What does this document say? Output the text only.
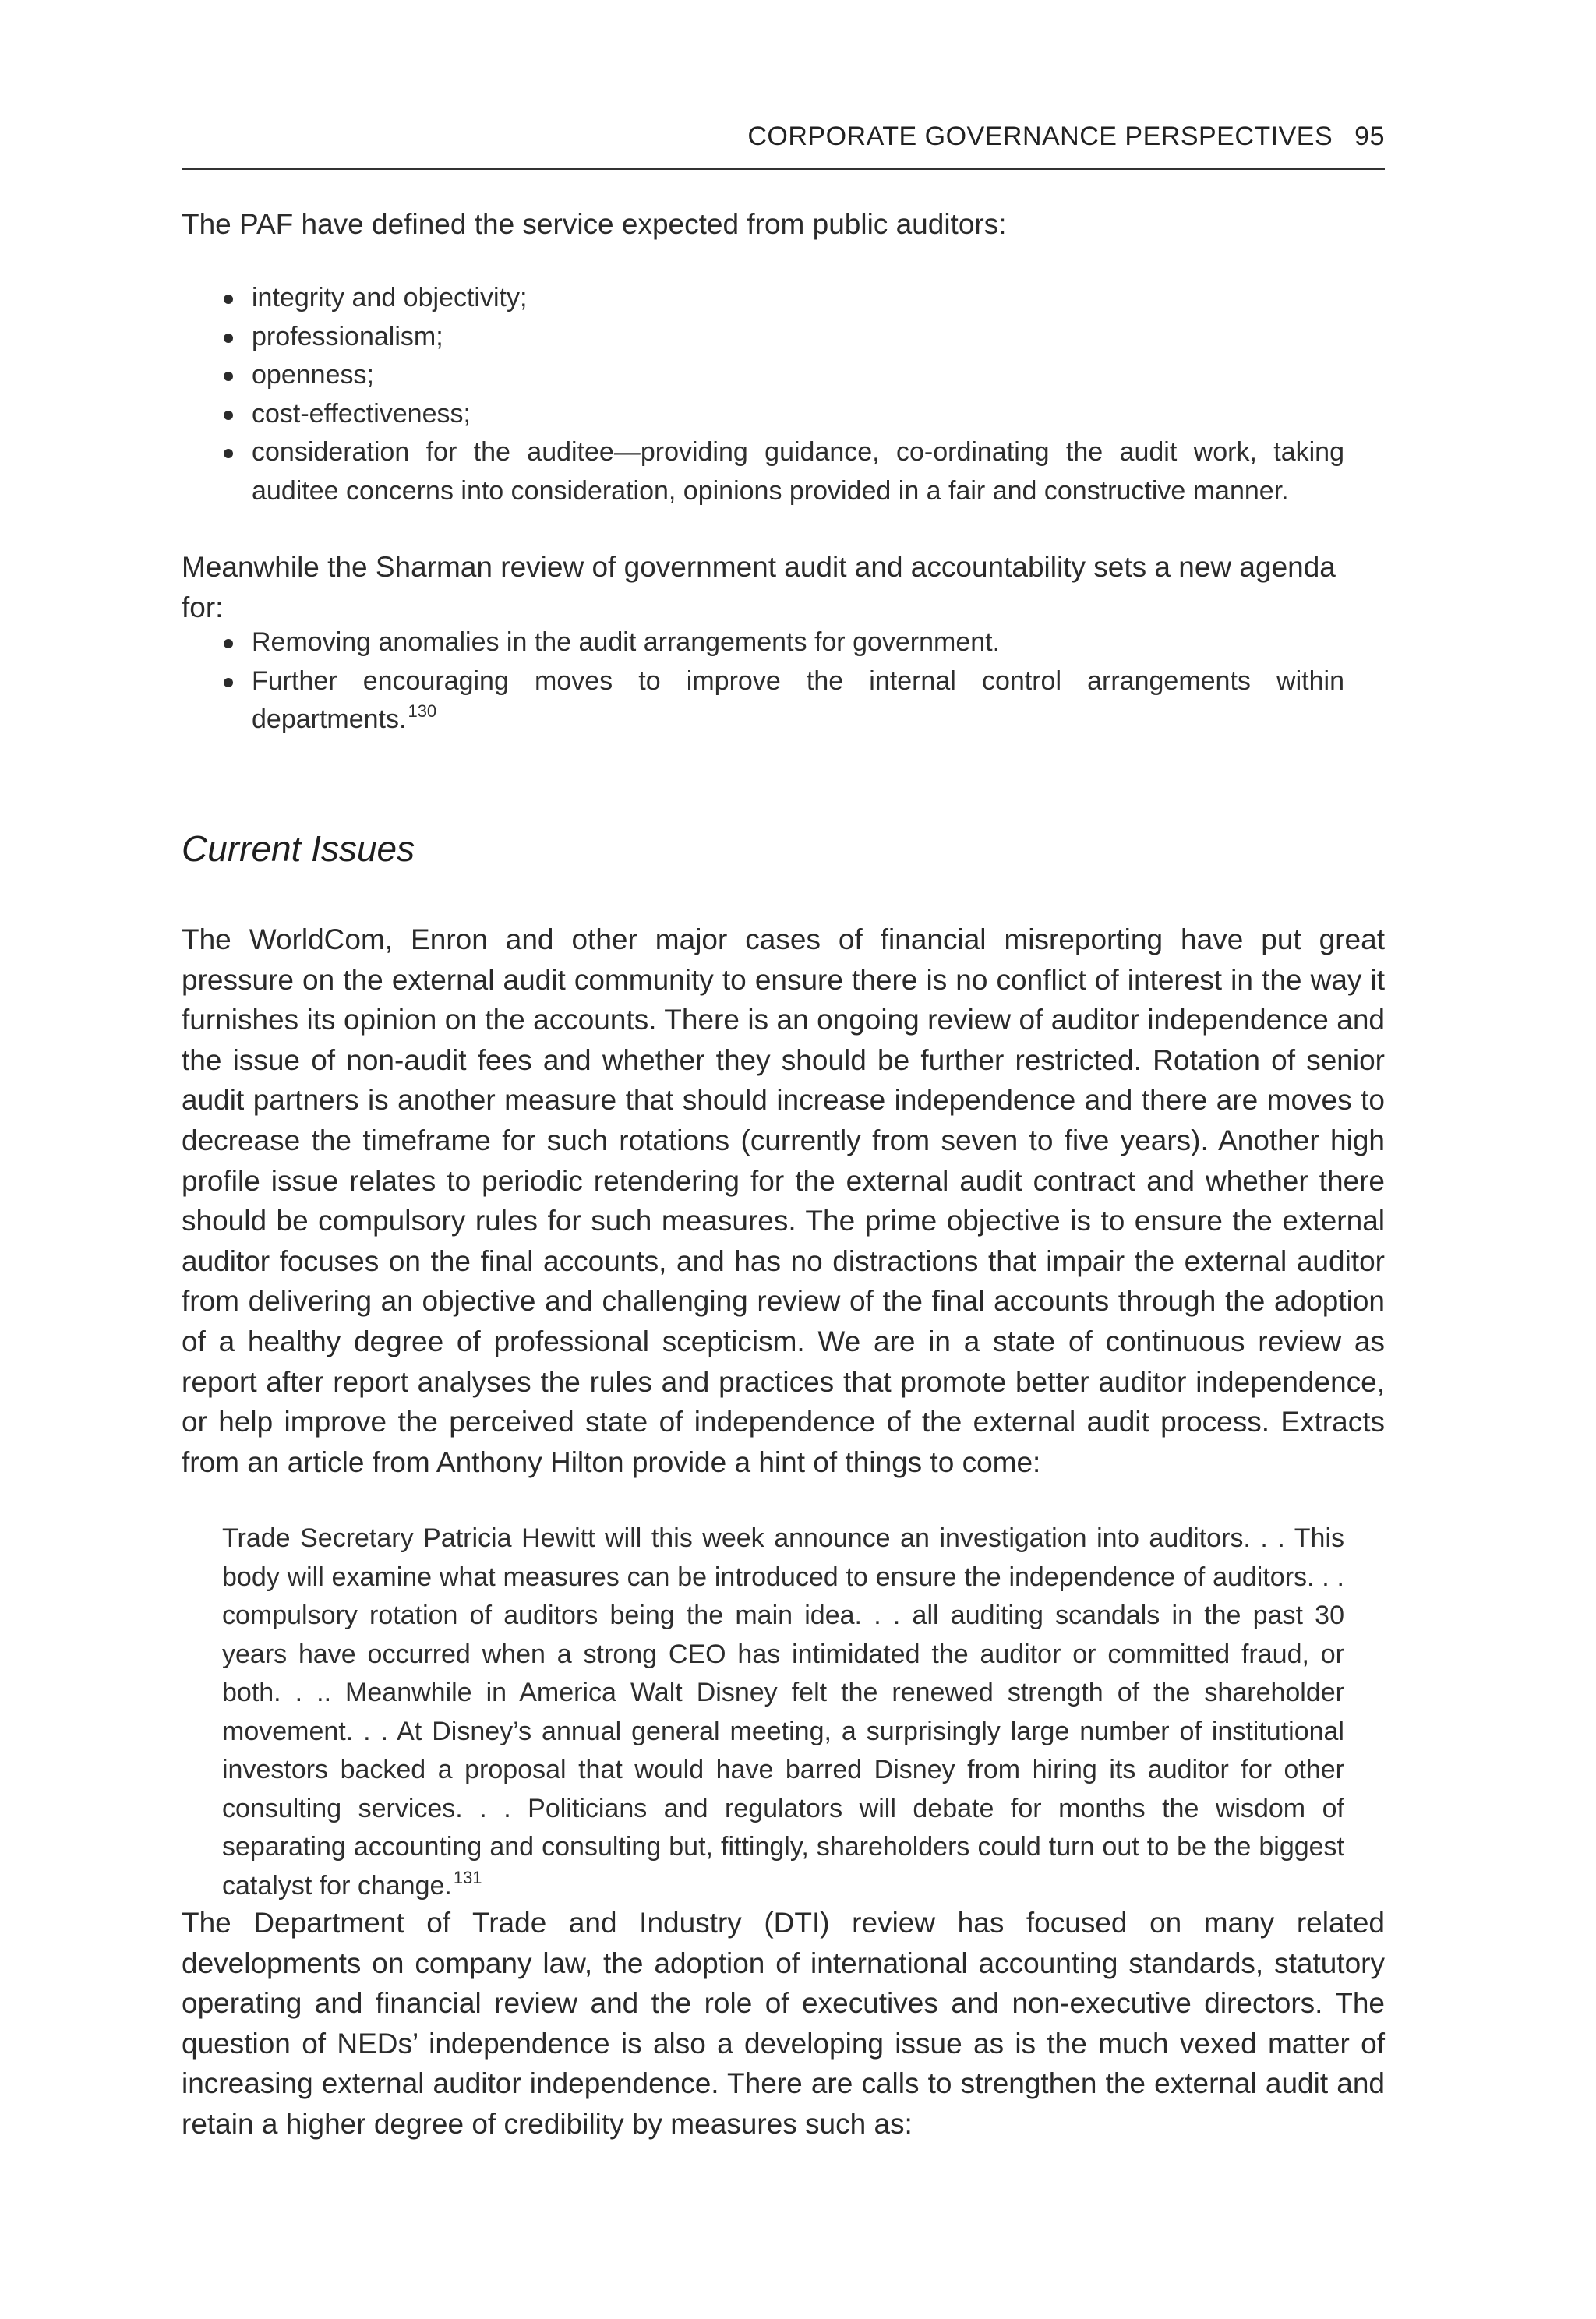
CORPORATE GOVERNANCE PERSPECTIVES 95

The PAF have defined the service expected from public auditors:

integrity and objectivity;
professionalism;
openness;
cost-effectiveness;
consideration for the auditee—providing guidance, co-ordinating the audit work, taking auditee concerns into consideration, opinions provided in a fair and constructive manner.

Meanwhile the Sharman review of government audit and accountability sets a new agenda for:

Removing anomalies in the audit arrangements for government.
Further encouraging moves to improve the internal control arrangements within departments.$^{130}$
Current Issues

The WorldCom, Enron and other major cases of financial misreporting have put great pressure on the external audit community to ensure there is no conflict of interest in the way it furnishes its opinion on the accounts. There is an ongoing review of auditor independence and the issue of non-audit fees and whether they should be further restricted. Rotation of senior audit partners is another measure that should increase independence and there are moves to decrease the timeframe for such rotations (currently from seven to five years). Another high profile issue relates to periodic retendering for the external audit contract and whether there should be compulsory rules for such measures. The prime objective is to ensure the external auditor focuses on the final accounts, and has no distractions that impair the external auditor from delivering an objective and challenging review of the final accounts through the adoption of a healthy degree of professional scepticism. We are in a state of continuous review as report after report analyses the rules and practices that promote better auditor independence, or help improve the perceived state of independence of the external audit process. Extracts from an article from Anthony Hilton provide a hint of things to come:

Trade Secretary Patricia Hewitt will this week announce an investigation into auditors. . . This body will examine what measures can be introduced to ensure the independence of auditors. . . compulsory rotation of auditors being the main idea. . . all auditing scandals in the past 30 years have occurred when a strong CEO has intimidated the auditor or committed fraud, or both. . .. Meanwhile in America Walt Disney felt the renewed strength of the shareholder movement. . . At Disney’s annual general meeting, a surprisingly large number of institutional investors backed a proposal that would have barred Disney from hiring its auditor for other consulting services. . . Politicians and regulators will debate for months the wisdom of separating accounting and consulting but, fittingly, shareholders could turn out to be the biggest catalyst for change.$^{131}$

The Department of Trade and Industry (DTI) review has focused on many related developments on company law, the adoption of international accounting standards, statutory operating and financial review and the role of executives and non-executive directors. The question of NEDs’ independence is also a developing issue as is the much vexed matter of increasing external auditor independence. There are calls to strengthen the external audit and retain a higher degree of credibility by measures such as:
